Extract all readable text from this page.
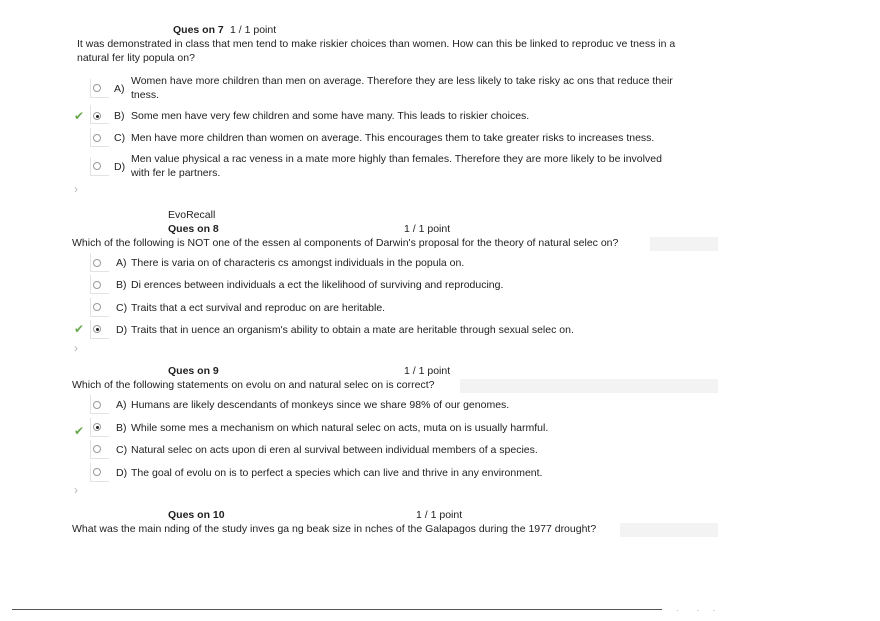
Ques on 7 1 / 1 point
It was demonstrated in class that men tend to make riskier choices than women. How can this be linked to reproduc ve tness in a
natural fer lity popula on?
A)
Women have more children than men on average. Therefore they are less likely to take risky ac ons that reduce their
tness.
✔	B) Some men have very few children and some have many. This leads to riskier choices.
C) Men have more children than women on average. This encourages them to take greater risks to increases tness.
D)
Men value physical a rac veness in a mate more highly than females. Therefore they are more likely to be involved
with fer le partners.
›
EvoRecall
Ques on 8	1 / 1 point
Which of the following is NOT one of the essen al components of Darwin's proposal for the theory of natural selec on?
A) There is varia on of characteris cs amongst individuals in the popula on.
B) Di erences between individuals a ect the likelihood of surviving and reproducing.
C) Traits that a ect survival and reproduc on are heritable.
✔	D) Traits that in uence an organism's ability to obtain a mate are heritable through sexual selec on.
›
Ques on 9	1 / 1 point
Which of the following statements on evolu on and natural selec on is correct?
A) Humans are likely descendants of monkeys since we share 98% of our genomes.
✔	B) While some mes a mechanism on which natural selec on acts, muta on is usually harmful.
C) Natural selec on acts upon di eren al survival between individual members of a species.
D) The goal of evolu on is to perfect a species which can live and thrive in any environment.
›
Ques on 10	1 / 1 point
What was the main nding of the study inves ga ng beak size in nches of the Galapagos during the 1977 drought?
·        ·      ·
